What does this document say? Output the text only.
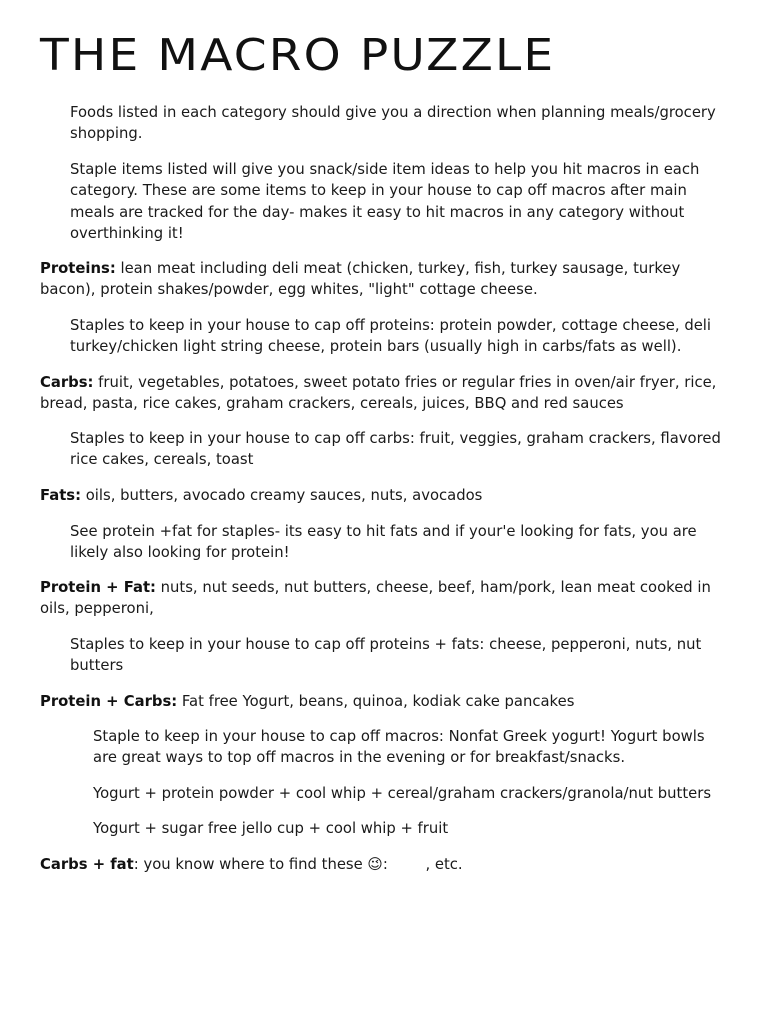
THE MACRO PUZZLE

Foods listed in each category should give you a direction when planning meals/grocery shopping.

Staple items listed will give you snack/side item ideas to help you hit macros in each category. These are some items to keep in your house to cap off macros after main meals are tracked for the day- makes it easy to hit macros in any category without overthinking it!

Proteins: lean meat including deli meat (chicken, turkey, fish, turkey sausage, turkey bacon), protein shakes/powder, egg whites, "light" cottage cheese.

Staples to keep in your house to cap off proteins: protein powder, cottage cheese, deli turkey/chicken light string cheese, protein bars (usually high in carbs/fats as well).

Carbs: fruit, vegetables, potatoes, sweet potato fries or regular fries in oven/air fryer, rice, bread, pasta, rice cakes, graham crackers, cereals, juices, BBQ and red sauces

Staples to keep in your house to cap off carbs: fruit, veggies, graham crackers, flavored rice cakes, cereals, toast

Fats: oils, butters, avocado creamy sauces, nuts, avocados

See protein +fat for staples- its easy to hit fats and if your'e looking for fats, you are likely also looking for protein!

Protein + Fat: nuts, nut seeds, nut butters, cheese, beef, ham/pork, lean meat cooked in oils, pepperoni,

Staples to keep in your house to cap off proteins + fats: cheese, pepperoni, nuts, nut butters

Protein + Carbs: Fat free Yogurt, beans, quinoa, kodiak cake pancakes

Staple to keep in your house to cap off macros: Nonfat Greek yogurt! Yogurt bowls are great ways to top off macros in the evening or for breakfast/snacks.

Yogurt + protein powder + cool whip + cereal/graham crackers/granola/nut butters

Yogurt + sugar free jello cup + cool whip + fruit

Carbs + fat: you know where to find these 😉:        , etc.
